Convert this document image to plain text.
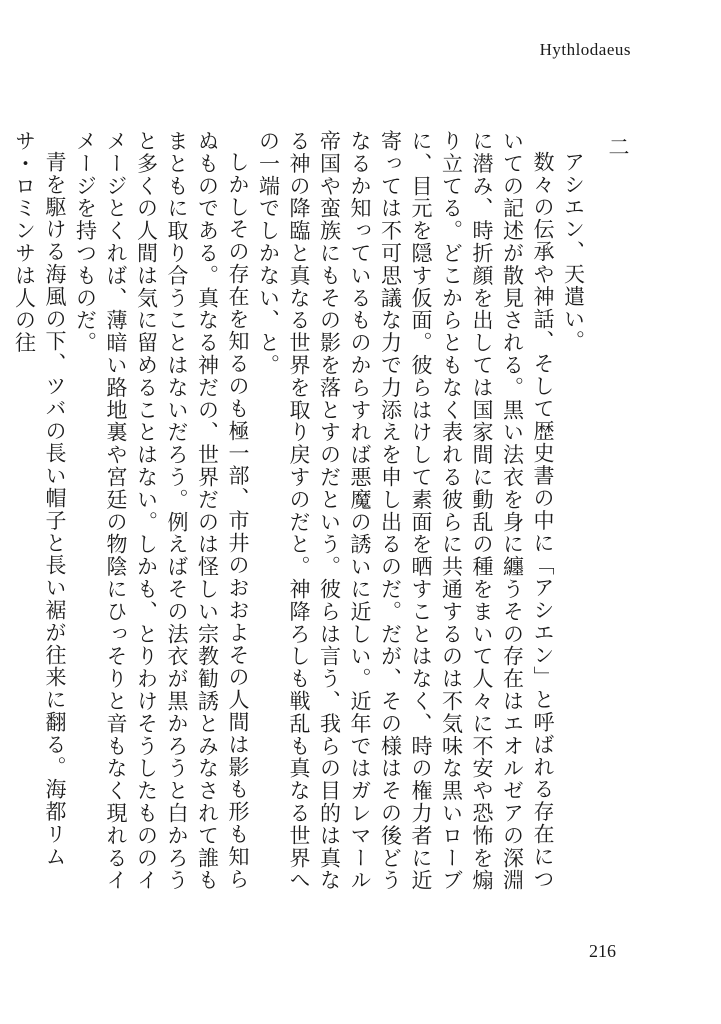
Hythlodaeus
二

アシエン、天遣い。

数々の伝承や神話、そして歴史書の中に「アシエン」と呼ばれる存在についての記述が散見される。黒い法衣を身に纏うその存在はエオルゼアの深淵に潜み、時折顔を出しては国家間に動乱の種をまいて人々に不安や恐怖を煽り立てる。どこからともなく表れる彼らに共通するのは不気味な黒いローブに、目元を隠す仮面。彼らはけして素面を晒すことはなく、時の権力者に近寄っては不可思議な力で力添えを申し出るのだ。だが、その様はその後どうなるか知っているものからすれば悪魔の誘いに近しい。近年ではガレマール帝国や蛮族にもその影を落とすのだという。彼らは言う、我らの目的は真なる神の降臨と真なる世界を取り戻すのだと。神降ろしも戦乱も真なる世界への一端でしかない、と。

しかしその存在を知るのも極一部、市井のおおよその人間は影も形も知らぬものである。真なる神だの、世界だのは怪しい宗教勧誘とみなされて誰もまともに取り合うことはないだろう。例えばその法衣が黒かろうと白かろうと多くの人間は気に留めることはない。しかも、とりわけそうしたもののイメージとくれば、薄暗い路地裏や宮廷の物陰にひっそりと音もなく現れるイメージを持つものだ。

青を駆ける海風の下、ツバの長い帽子と長い裾が往来に翻る。海都リムサ・ロミンサは人の往

216
